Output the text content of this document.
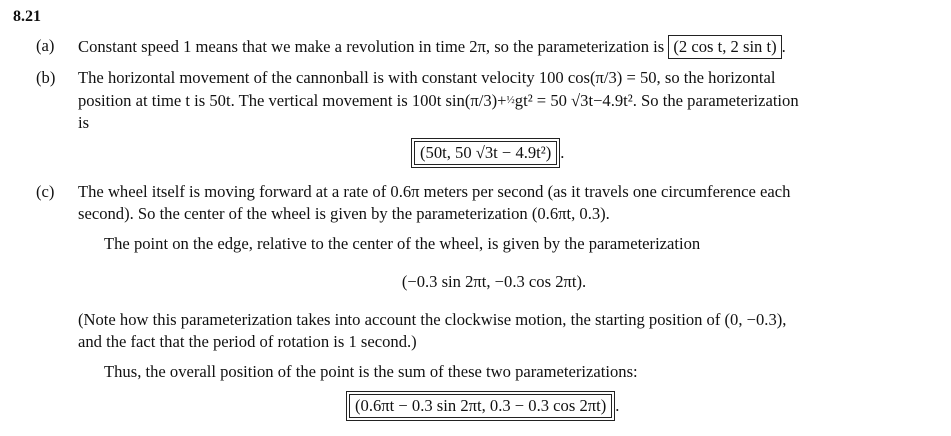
8.21
(a) Constant speed 1 means that we make a revolution in time 2π, so the parameterization is (2 cos t, 2 sin t) .
(b) The horizontal movement of the cannonball is with constant velocity 100 cos(π/3) = 50, so the horizontal
position at time t is 50t. The vertical movement is 100t sin(π/3)+½gt² = 50 √3t−4.9t². So the parameterization
is
(50t, 50 √3t − 4.9t²) .
(c) The wheel itself is moving forward at a rate of 0.6π meters per second (as it travels one circumference each
second). So the center of the wheel is given by the parameterization (0.6πt, 0.3).
The point on the edge, relative to the center of the wheel, is given by the parameterization
(−0.3 sin 2πt, −0.3 cos 2πt).
(Note how this parameterization takes into account the clockwise motion, the starting position of (0, −0.3),
and the fact that the period of rotation is 1 second.)
Thus, the overall position of the point is the sum of these two parameterizations:
(0.6πt − 0.3 sin 2πt, 0.3 − 0.3 cos 2πt) .
